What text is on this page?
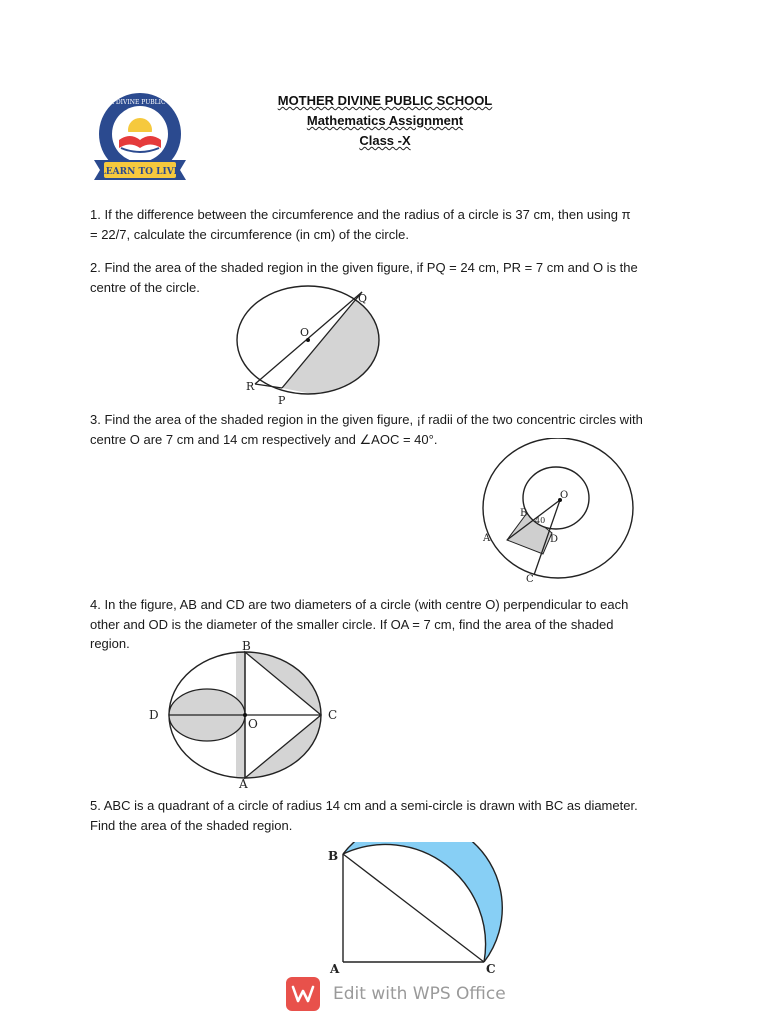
MOTHER DIVINE PUBLIC SCHOOL
LEARN TO LIVE
MOTHER DIVINE PUBLIC SCHOOL
Mathematics Assignment
Class -X

1. If the difference between the circumference and the radius of a circle is 37 cm, then using π
= 22/7, calculate the circumference (in cm) of the circle.

2. Find the area of the shaded region in the given figure, if PQ = 24 cm, PR = 7 cm and O is the
centre of the circle.

Q
O
R
P

3. Find the area of the shaded region in the given figure, ¡f radii of the two concentric circles with
centre O are 7 cm and 14 cm respectively and ∠AOC = 40°.

O
B
40
A	D
C

4. In the figure, AB and CD are two diameters of a circle (with centre O) perpendicular to each
other and OD is the diameter of the smaller circle. If OA = 7 cm, find the area of the shaded
region.	B
D
O
C
A

5. ABC is a quadrant of a circle of radius 14 cm and a semi-circle is drawn with BC as diameter.
Find the area of the shaded region.

B
A	C
Edit with WPS Office
